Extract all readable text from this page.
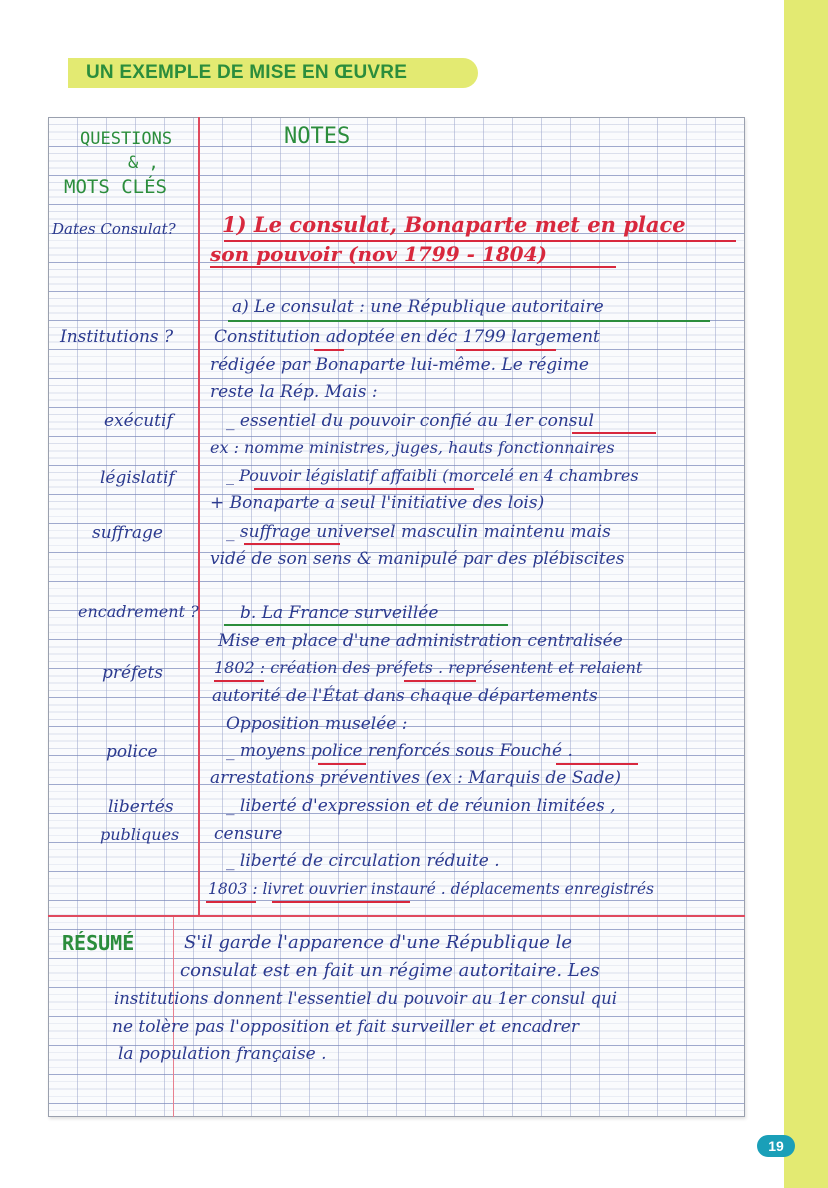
UN EXEMPLE DE MISE EN ŒUVRE
QUESTIONS
& ,
MOTS CLÉS
NOTES
Dates Consulat?
Institutions ?
exécutif
législatif
suffrage
encadrement ?
préfets
police
libertés
publiques
1) Le consulat, Bonaparte met en place
son pouvoir (nov 1799 - 1804)
a) Le consulat : une République autoritaire
Constitution adoptée en déc 1799 largement
rédigée par Bonaparte lui-même. Le régime
reste la Rép. Mais :
_ essentiel du pouvoir confié au 1er consul
ex : nomme ministres, juges, hauts fonctionnaires
_ Pouvoir législatif affaibli (morcelé en 4 chambres
+ Bonaparte a seul l'initiative des lois)
_ suffrage universel masculin maintenu mais
vidé de son sens & manipulé par des plébiscites
b. La France surveillée
Mise en place d'une administration centralisée
1802 : création des préfets . représentent et relaient
autorité de l'État dans chaque départements
Opposition muselée :
_ moyens police renforcés sous Fouché .
arrestations préventives (ex : Marquis de Sade)
_ liberté d'expression et de réunion limitées ,
censure
_ liberté de circulation réduite .
1803 : livret ouvrier instauré . déplacements enregistrés
RÉSUMÉ	S'il garde l'apparence d'une République le
consulat est en fait un régime autoritaire. Les
institutions donnent l'essentiel du pouvoir au 1er consul qui
ne tolère pas l'opposition et fait surveiller et encadrer
la population française .
19
